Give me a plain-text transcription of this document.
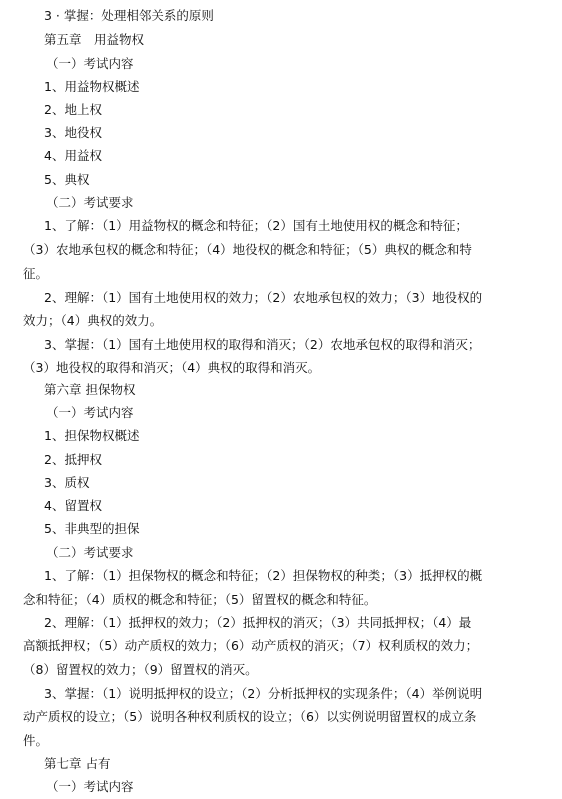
3 · 掌握：处理相邻关系的原则
第五章　用益物权
（一）考试内容
1、用益物权概述
2、地上权
3、地役权
4、用益权
5、典权
（二）考试要求
1、了解：（1）用益物权的概念和特征；（2）国有土地使用权的概念和特征；
（3）农地承包权的概念和特征；（4）地役权的概念和特征；（5）典权的概念和特
征。
2、理解：（1）国有土地使用权的效力；（2）农地承包权的效力；（3）地役权的
效力；（4）典权的效力。
3、掌握：（1）国有土地使用权的取得和消灭；（2）农地承包权的取得和消灭；
（3）地役权的取得和消灭；（4）典权的取得和消灭。
第六章 担保物权
（一）考试内容
1、担保物权概述
2、抵押权
3、质权
4、留置权
5、非典型的担保
（二）考试要求
1、了解：（1）担保物权的概念和特征；（2）担保物权的种类；（3）抵押权的概
念和特征；（4）质权的概念和特征；（5）留置权的概念和特征。
2、理解：（1）抵押权的效力；（2）抵押权的消灭；（3）共同抵押权；（4）最
高额抵押权；（5）动产质权的效力；（6）动产质权的消灭；（7）权利质权的效力；
（8）留置权的效力；（9）留置权的消灭。
3、掌握：（1）说明抵押权的设立；（2）分析抵押权的实现条件；（4）举例说明
动产质权的设立；（5）说明各种权利质权的设立；（6）以实例说明留置权的成立条
件。
第七章 占有
（一）考试内容
